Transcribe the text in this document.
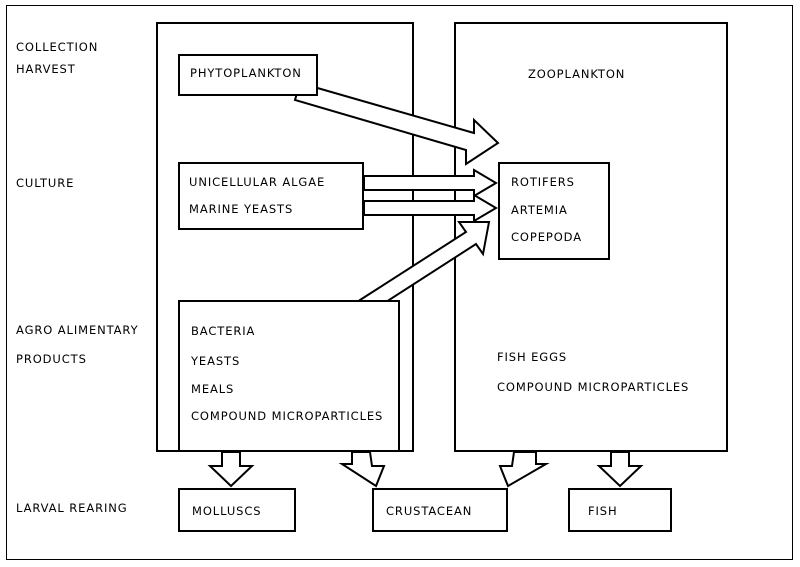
COLLECTION
HARVEST
CULTURE
AGRO ALIMENTARY
PRODUCTS
LARVAL REARING
PHYTOPLANKTON	ZOOPLANKTON
UNICELLULAR ALGAE
MARINE YEASTS
ROTIFERS
ARTEMIA
COPEPODA
BACTERIA
YEASTS
MEALS
COMPOUND MICROPARTICLES
FISH EGGS
COMPOUND MICROPARTICLES
MOLLUSCS	CRUSTACEAN	FISH
